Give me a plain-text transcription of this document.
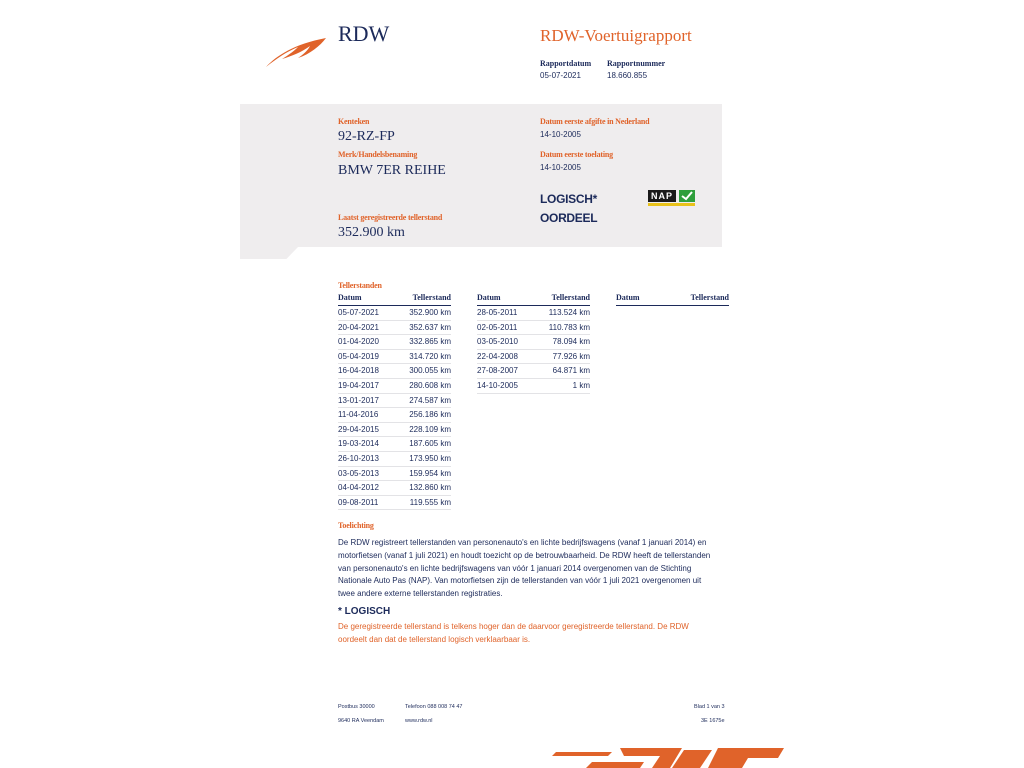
RDW	RDW-Voertuigrapport
Rapportdatum
05-07-2021
Rapportnummer
18.660.855
Kenteken
92-RZ-FP
Merk/Handelsbenaming
BMW 7ER REIHE
Datum eerste afgifte in Nederland
14-10-2005
Datum eerste toelating
14-10-2005
LOGISCH*
OORDEEL
NAP
Laatst geregistreerde tellerstand
352.900 km
Tellerstanden
Datum	Tellerstand
05-07-2021	352.900 km
20-04-2021	352.637 km
01-04-2020	332.865 km
05-04-2019	314.720 km
16-04-2018	300.055 km
19-04-2017	280.608 km
13-01-2017	274.587 km
11-04-2016	256.186 km
29-04-2015	228.109 km
19-03-2014	187.605 km
26-10-2013	173.950 km
03-05-2013	159.954 km
04-04-2012	132.860 km
09-08-2011	119.555 km
Datum	Tellerstand
28-05-2011	113.524 km
02-05-2011	110.783 km
03-05-2010	78.094 km
22-04-2008	77.926 km
27-08-2007	64.871 km
14-10-2005	1 km
Datum	Tellerstand
Toelichting
De RDW registreert tellerstanden van personenauto's en lichte bedrijfswagens (vanaf 1 januari 2014) en
motorfietsen (vanaf 1 juli 2021) en houdt toezicht op de betrouwbaarheid. De RDW heeft de tellerstanden
van personenauto's en lichte bedrijfswagens van vóór 1 januari 2014 overgenomen van de Stichting
Nationale Auto Pas (NAP). Van motorfietsen zijn de tellerstanden van vóór 1 juli 2021 overgenomen uit
twee andere externe tellerstanden registraties.
* LOGISCH
De geregistreerde tellerstand is telkens hoger dan de daarvoor geregistreerde tellerstand. De RDW
oordeelt dan dat de tellerstand logisch verklaarbaar is.
Postbus 30000
9640 RA Veendam
Telefoon 088 008 74 47
www.rdw.nl
Blad 1 van 3
3E 1675e
